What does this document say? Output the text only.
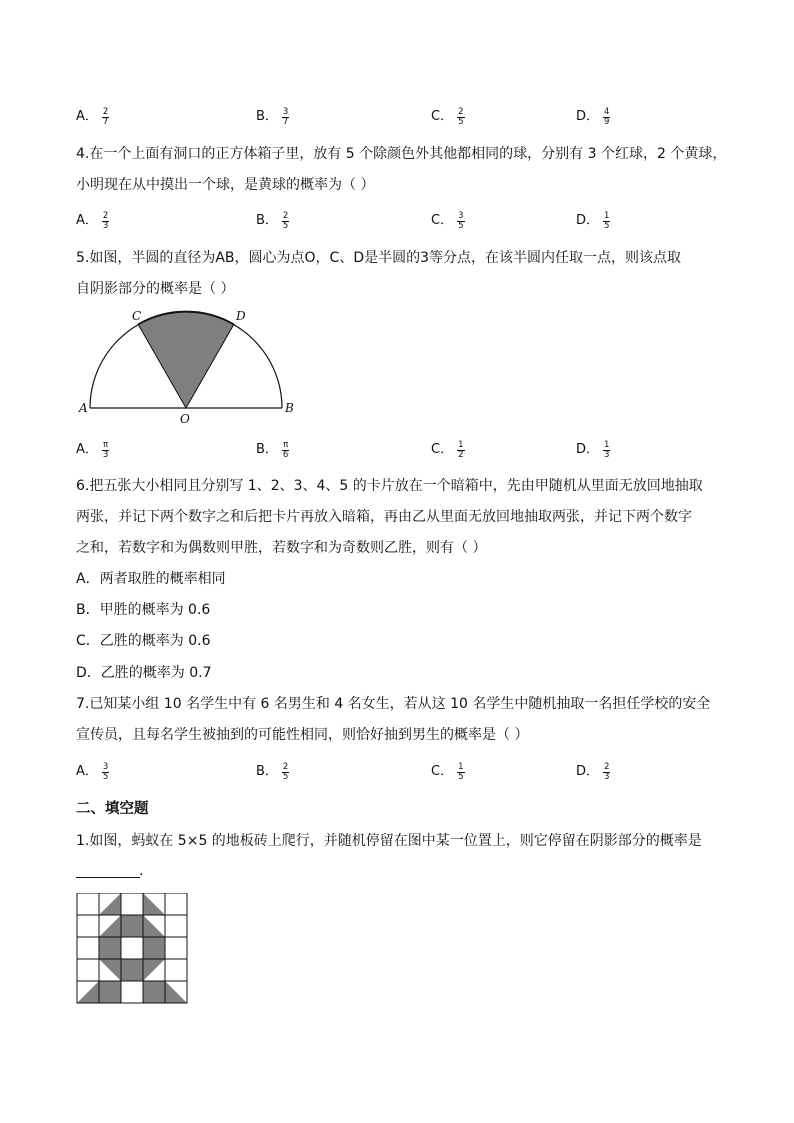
A． $\frac{2}{7}$	B． $\frac{3}{7}$	C． $\frac{2}{5}$	D． $\frac{4}{9}$
4.在一个上面有洞口的正方体箱子里，放有 5 个除颜色外其他都相同的球，分别有 3 个红球，2 个黄球，
小明现在从中摸出一个球，是黄球的概率为（ ）
A． $\frac{2}{3}$	B． $\frac{2}{5}$	C． $\frac{3}{5}$	D． $\frac{1}{5}$
5.如图，半圆的直径为AB，圆心为点O，C、D是半圆的3等分点，在该半圆内任取一点，则该点取
自阴影部分的概率是（ ）
A	B
C	D
O
A． $\frac{\pi}{3}$	B． $\frac{\pi}{6}$	C． $\frac{1}{2}$	D． $\frac{1}{3}$
6.把五张大小相同且分别写 1、2、3、4、5 的卡片放在一个暗箱中，先由甲随机从里面无放回地抽取
两张，并记下两个数字之和后把卡片再放入暗箱，再由乙从里面无放回地抽取两张，并记下两个数字
之和，若数字和为偶数则甲胜，若数字和为奇数则乙胜，则有（ ）
A．两者取胜的概率相同
B．甲胜的概率为 0.6
C．乙胜的概率为 0.6
D．乙胜的概率为 0.7
7.已知某小组 10 名学生中有 6 名男生和 4 名女生，若从这 10 名学生中随机抽取一名担任学校的安全
宣传员，且每名学生被抽到的可能性相同，则恰好抽到男生的概率是（ ）
A． $\frac{3}{5}$	B． $\frac{2}{5}$	C． $\frac{1}{5}$	D． $\frac{2}{3}$
二、填空题
1.如图，蚂蚁在 5×5 的地板砖上爬行，并随机停留在图中某一位置上，则它停留在阴影部分的概率是
.
